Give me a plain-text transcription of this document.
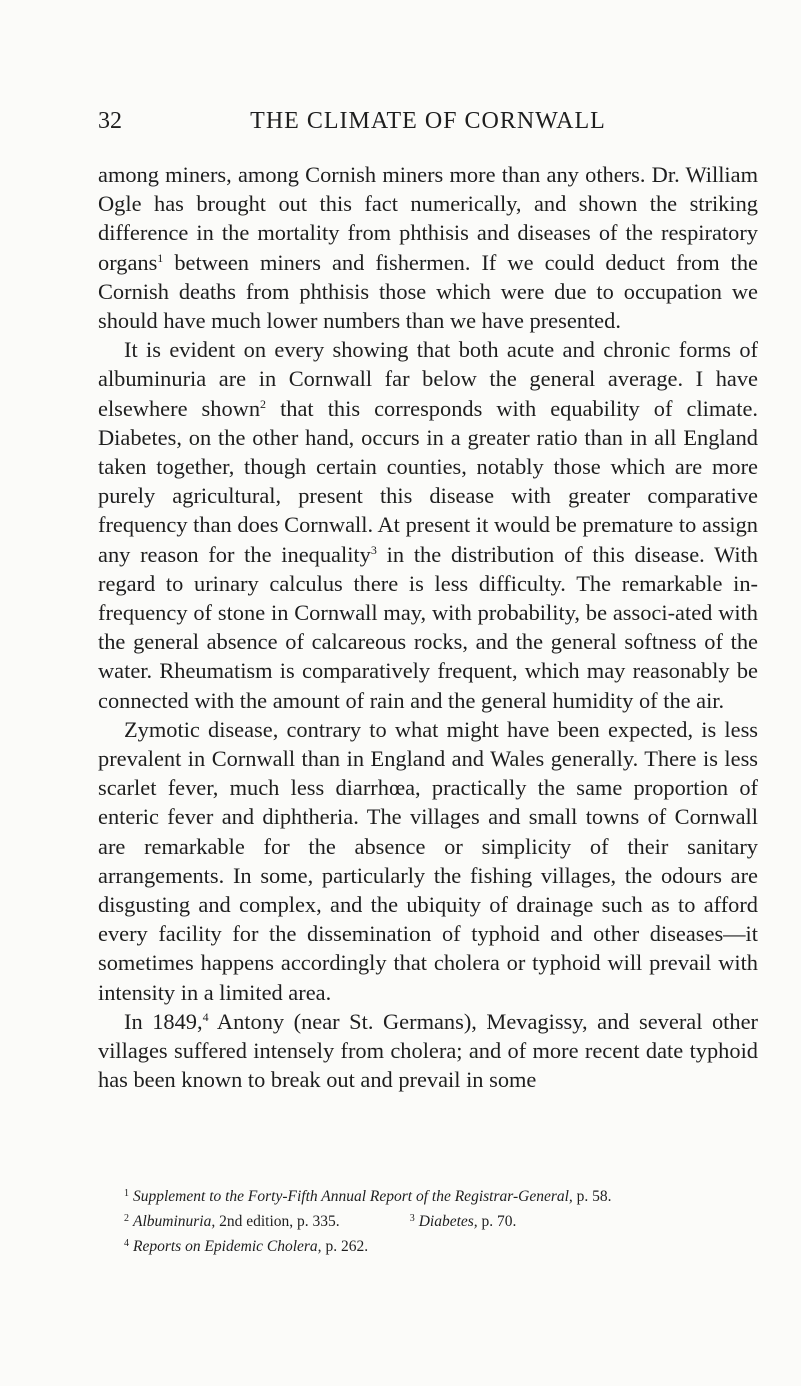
32	THE CLIMATE OF CORNWALL

among miners, among Cornish miners more than any others. Dr. William Ogle has brought out this fact numerically, and shown the striking difference in the mortality from phthisis and diseases of the respiratory organs$^1$ between miners and fishermen. If we could deduct from the Cornish deaths from phthisis those which were due to occupation we should have much lower numbers than we have presented.

It is evident on every showing that both acute and chronic forms of albuminuria are in Cornwall far below the general average. I have elsewhere shown$^2$ that this corresponds with equability of climate. Diabetes, on the other hand, occurs in a greater ratio than in all England taken together, though certain counties, notably those which are more purely agricultural, present this disease with greater comparative frequency than does Cornwall. At present it would be premature to assign any reason for the inequality$^3$ in the distribution of this disease. With regard to urinary calculus there is less difficulty. The remarkable in-frequency of stone in Cornwall may, with probability, be associ-ated with the general absence of calcareous rocks, and the general softness of the water. Rheumatism is comparatively frequent, which may reasonably be connected with the amount of rain and the general humidity of the air.

Zymotic disease, contrary to what might have been expected, is less prevalent in Cornwall than in England and Wales generally. There is less scarlet fever, much less diarrhœa, practically the same proportion of enteric fever and diphtheria. The villages and small towns of Cornwall are remarkable for the absence or simplicity of their sanitary arrangements. In some, particularly the fishing villages, the odours are disgusting and complex, and the ubiquity of drainage such as to afford every facility for the dissemination of typhoid and other diseases—it sometimes happens accordingly that cholera or typhoid will prevail with intensity in a limited area.

In 1849,$^4$ Antony (near St. Germans), Mevagissy, and several other villages suffered intensely from cholera; and of more recent date typhoid has been known to break out and prevail in some

$^1$ Supplement to the Forty-Fifth Annual Report of the Registrar-General, p. 58.

$^2$ Albuminuria, 2nd edition, p. 335.	$^3$ Diabetes, p. 70.

$^4$ Reports on Epidemic Cholera, p. 262.
